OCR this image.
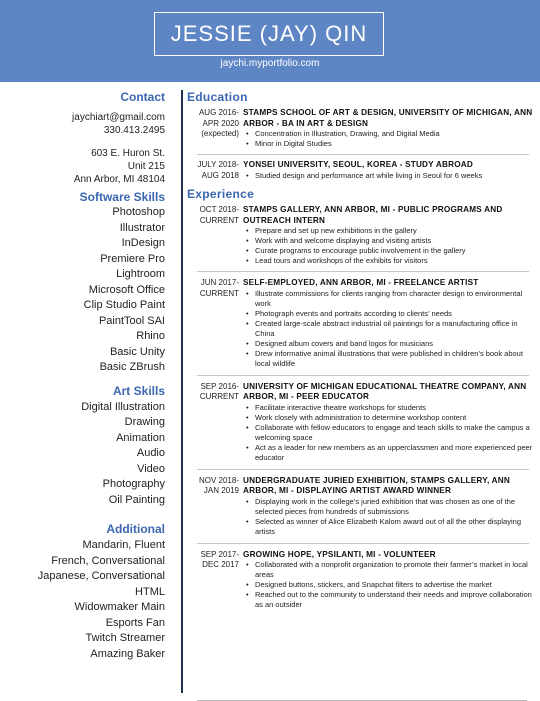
JESSIE (JAY) QIN
jaychi.myportfolio.com
Contact
jaychiart@gmail.com
330.413.2495
603 E. Huron St.
Unit 215
Ann Arbor, MI 48104
Software Skills
Photoshop
Illustrator
InDesign
Premiere Pro
Lightroom
Microsoft Office
Clip Studio Paint
PaintTool SAI
Rhino
Basic Unity
Basic ZBrush
Art Skills
Digital Illustration
Drawing
Animation
Audio
Video
Photography
Oil Painting
Additional
Mandarin, Fluent
French, Conversational
Japanese, Conversational
HTML
Widowmaker Main
Esports Fan
Twitch Streamer
Amazing Baker
Education
AUG 2016-
APR 2020
(expected)
STAMPS SCHOOL OF ART & DESIGN, UNIVERSITY OF MICHIGAN, ANN ARBOR - BA IN ART & DESIGN
• Concentration in Illustration, Drawing, and Digital Media
• Minor in Digital Studies
JULY 2018-
AUG 2018
YONSEI UNIVERSITY, SEOUL, KOREA - STUDY ABROAD
• Studied design and performance art while living in Seoul for 6 weeks
Experience
OCT 2018-
CURRENT
STAMPS GALLERY, ANN ARBOR, MI - PUBLIC PROGRAMS AND OUTREACH INTERN
• Prepare and set up new exhibitions in the gallery
• Work with and welcome displaying and visiting artists
• Curate programs to encourage public involvement in the gallery
• Lead tours and workshops of the exhibits for visitors
JUN 2017-
CURRENT
SELF-EMPLOYED, ANN ARBOR, MI - FREELANCE ARTIST
• Illustrate commissions for clients ranging from character design to environmental work
• Photograph events and portraits according to clients’ needs
• Created large-scale abstract industrial oil paintings for a manufacturing office in China
• Designed album covers and band logos for musicians
• Drew informative animal illustrations that were published in children’s book about local wildlife
SEP 2016-
CURRENT
UNIVERSITY OF MICHIGAN EDUCATIONAL THEATRE COMPANY, ANN ARBOR, MI - PEER EDUCATOR
• Facilitate interactive theatre workshops for students
• Work closely with administration to determine workshop content
• Collaborate with fellow educators to engage and teach skills to make the campus a welcoming space
• Act as a leader for new members as an upperclassmen and more experienced peer educator
NOV 2018-
JAN 2019
UNDERGRADUATE JURIED EXHIBITION, STAMPS GALLERY, ANN ARBOR, MI - DISPLAYING ARTIST AWARD WINNER
• Displaying work in the college’s juried exhibition that was chosen as one of the selected pieces from hundreds of submissions
• Selected as winner of Alice Elizabeth Kalom award out of all the other displaying artists
SEP 2017-
DEC 2017
GROWING HOPE, YPSILANTI, MI - VOLUNTEER
• Collaborated with a nonprofit organization to promote their farmer’s market in local areas
• Designed buttons, stickers, and Snapchat filters to advertise the market
• Reached out to the community to understand their needs and improve collaboration as an outsider
